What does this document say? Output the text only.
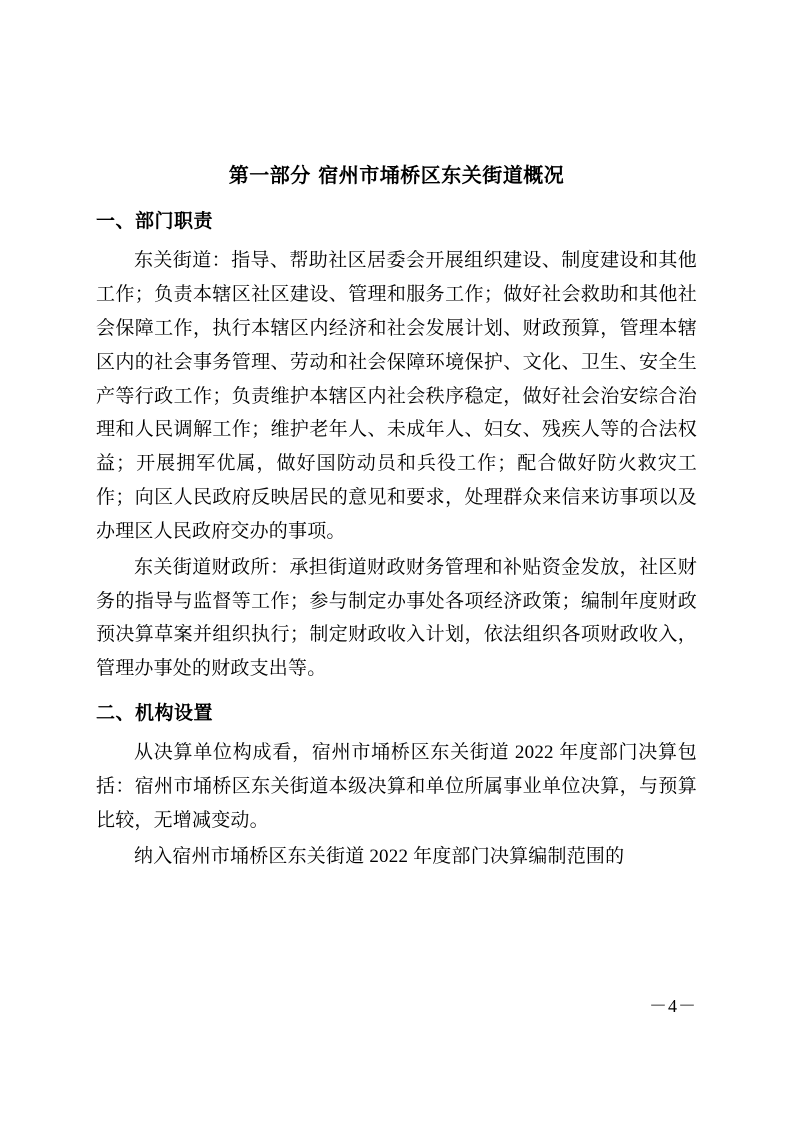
第一部分 宿州市埇桥区东关街道概况
一、部门职责

东关街道：指导、帮助社区居委会开展组织建设、制度建设和其他工作；负责本辖区社区建设、管理和服务工作；做好社会救助和其他社会保障工作，执行本辖区内经济和社会发展计划、财政预算，管理本辖区内的社会事务管理、劳动和社会保障环境保护、文化、卫生、安全生产等行政工作；负责维护本辖区内社会秩序稳定，做好社会治安综合治理和人民调解工作；维护老年人、未成年人、妇女、残疾人等的合法权益；开展拥军优属，做好国防动员和兵役工作；配合做好防火救灾工作；向区人民政府反映居民的意见和要求，处理群众来信来访事项以及办理区人民政府交办的事项。

东关街道财政所：承担街道财政财务管理和补贴资金发放，社区财务的指导与监督等工作；参与制定办事处各项经济政策；编制年度财政预决算草案并组织执行；制定财政收入计划，依法组织各项财政收入，管理办事处的财政支出等。

二、机构设置

从决算单位构成看，宿州市埇桥区东关街道 2022 年度部门决算包括：宿州市埇桥区东关街道本级决算和单位所属事业单位决算，与预算比较，无增减变动。

纳入宿州市埇桥区东关街道 2022 年度部门决算编制范围的

－4－
